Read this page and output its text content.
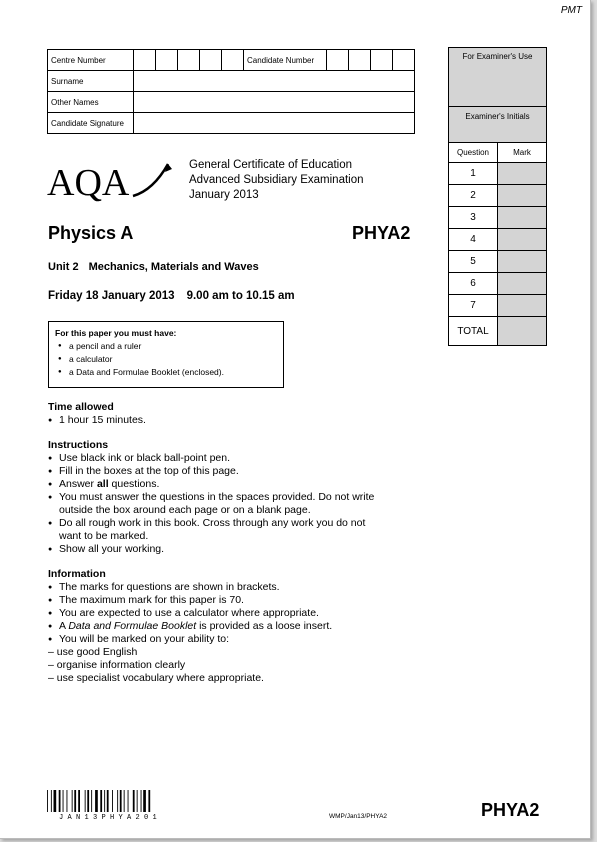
PMT
Centre Number						Candidate Number				
Surname										
Other Names										
Candidate Signature										
For Examiner's Use	
Examiner's Initials	
Question	Mark
1	
2	
3	
4	
5	
6	
7	
TOTAL	
AQA	General Certificate of Education
Advanced Subsidiary Examination
January 2013
Physics A	PHYA2
Unit 2 Mechanics, Materials and Waves
Friday 18 January 2013 9.00 am to 10.15 am
For this paper you must have:
● a pencil and a ruler
● a calculator
● a Data and Formulae Booklet (enclosed).
Time allowed
● 1 hour 15 minutes.
Instructions
● Use black ink or black ball-point pen.
● Fill in the boxes at the top of this page.
● Answer all questions.
● You must answer the questions in the spaces provided. Do not write
outside the box around each page or on a blank page.
● Do all rough work in this book. Cross through any work you do not
want to be marked.
● Show all your working.
Information
● The marks for questions are shown in brackets.
● The maximum mark for this paper is 70.
● You are expected to use a calculator where appropriate.
● A Data and Formulae Booklet is provided as a loose insert.
● You will be marked on your ability to:
– use good English
– organise information clearly
– use specialist vocabulary where appropriate.
JAN13PHYA201	WMP/Jan13/PHYA2	PHYA2
